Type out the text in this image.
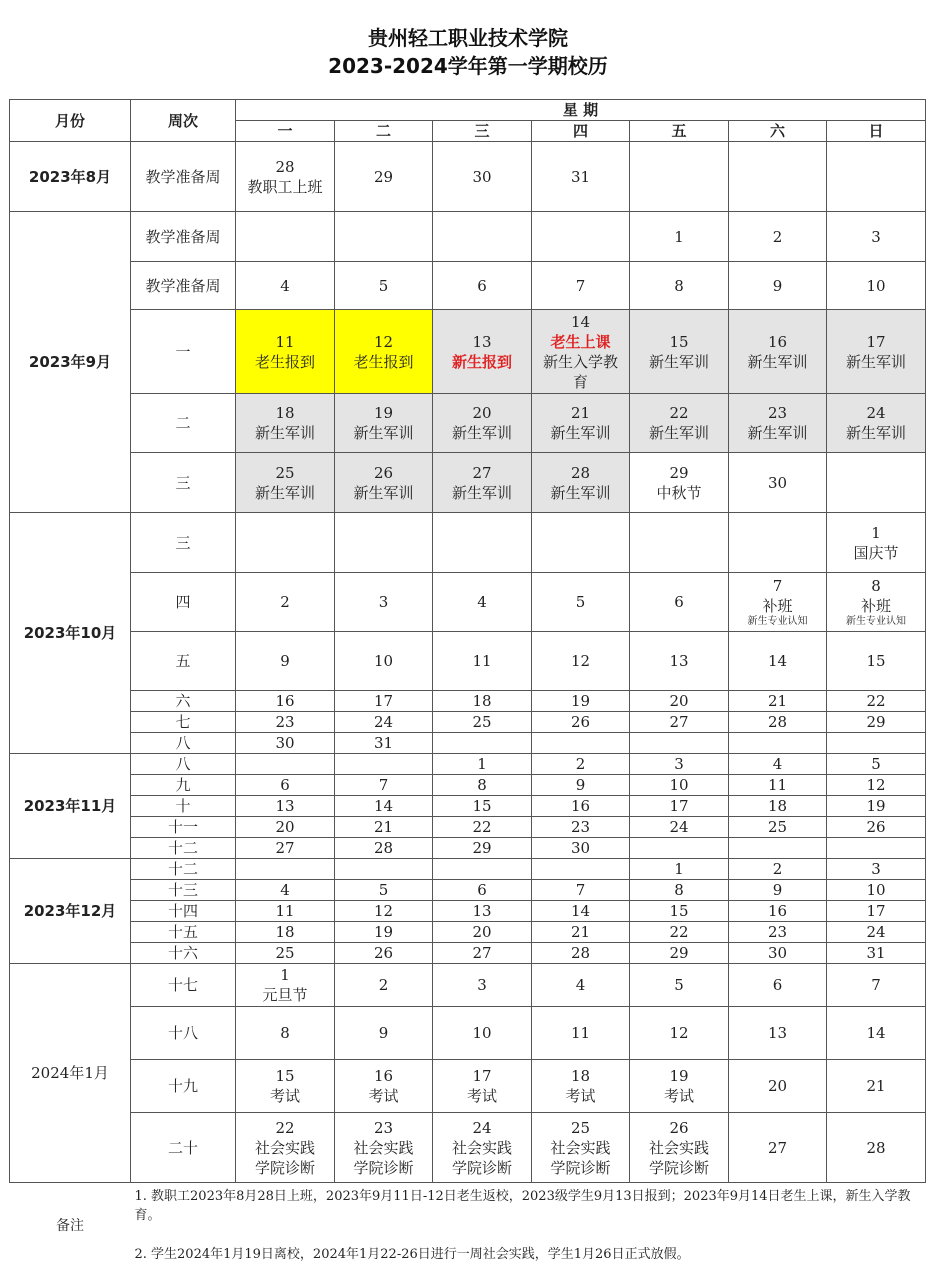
贵州轻工职业技术学院
2023-2024学年第一学期校历
月份	周次	星 期						
		一	二	三	四	五	六	日
2023年8月	教学准备周	28
教职工上班	29	30	31			

2023年9月	教学准备周					1	2	3

	教学准备周	4	5	6	7	8	9	10

	一	11
老生报到	12
老生报到	13
新生报到	14
老生上课
新生入学教
育	15
新生军训	16
新生军训	17
新生军训

	二	18
新生军训	19
新生军训	20
新生军训	21
新生军训	22
新生军训	23
新生军训	24
新生军训

	三	25
新生军训	26
新生军训	27
新生军训	28
新生军训	29
中秋节	30	

2023年10月	三							1
国庆节

	四	2	3	4	5	6	7
补班
新生专业认知	8
补班
新生专业认知

	五	9	10	11	12	13	14	15

	六	16	17	18	19	20	21	22

	七	23	24	25	26	27	28	29

	八	30	31					

2023年11月	八			1	2	3	4	5

	九	6	7	8	9	10	11	12

	十	13	14	15	16	17	18	19

	十一	20	21	22	23	24	25	26

	十二	27	28	29	30			

2023年12月	十二					1	2	3

	十三	4	5	6	7	8	9	10

	十四	11	12	13	14	15	16	17

	十五	18	19	20	21	22	23	24

	十六	25	26	27	28	29	30	31

2024年1月	十七	1
元旦节	2	3	4	5	6	7

	十八	8	9	10	11	12	13	14

	十九	15
考试	16
考试	17
考试	18
考试	19
考试	20	21

	二十	22
社会实践
学院诊断	23
社会实践
学院诊断	24
社会实践
学院诊断	25
社会实践
学院诊断	26
社会实践
学院诊断	27	28

备注	1. 教职工2023年8月28日上班，2023年9月11日-12日老生返校，2023级学生9月13日报到；2023年9月14日老生上课，新生入学教育。
2. 学生2024年1月19日离校，2024年1月22-26日进行一周社会实践，学生1月26日正式放假。							
